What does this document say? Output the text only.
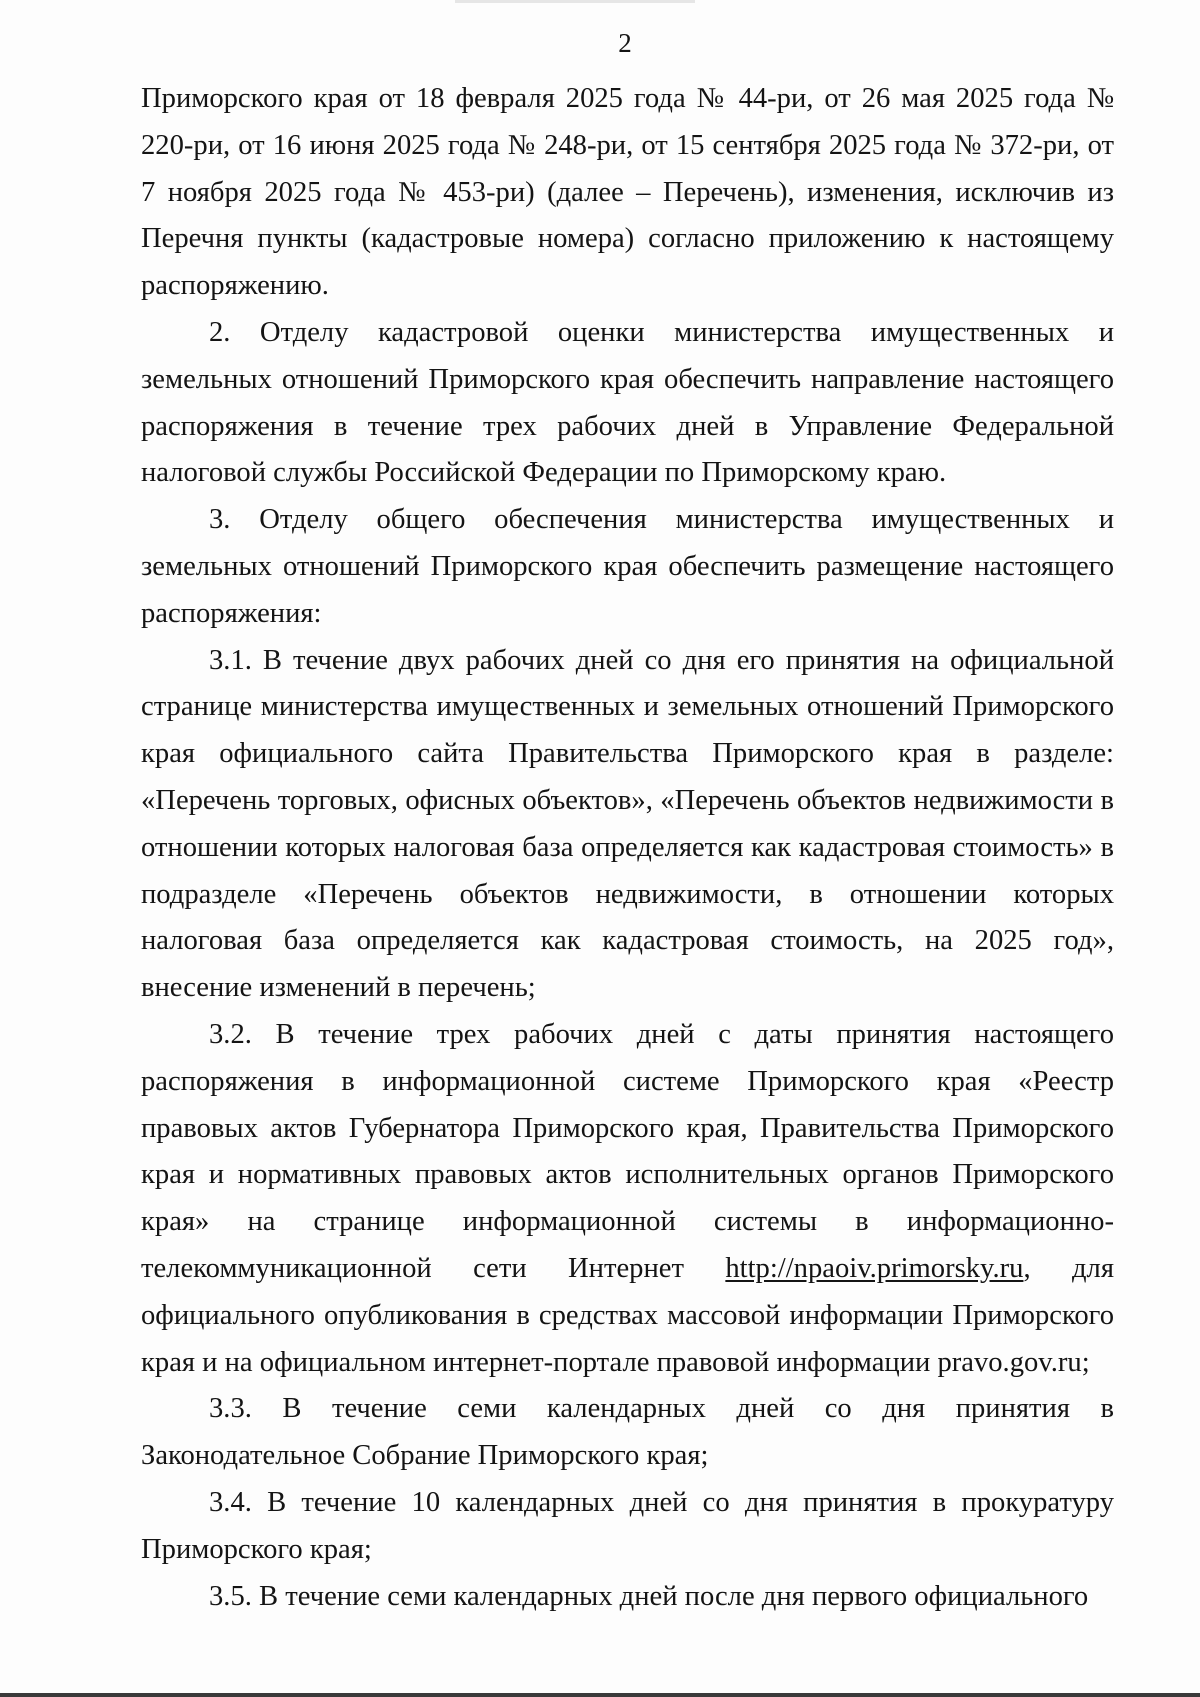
2

Приморского края от 18 февраля 2025 года № 44-ри, от 26 мая 2025 года № 220-ри, от 16 июня 2025 года № 248-ри, от 15 сентября 2025 года № 372-ри, от 7 ноября 2025 года № 453-ри) (далее – Перечень), изменения, исключив из Перечня пункты (кадастровые номера) согласно приложению к настоящему распоряжению.

2. Отделу кадастровой оценки министерства имущественных и земельных отношений Приморского края обеспечить направление настоящего распоряжения в течение трех рабочих дней в Управление Федеральной налоговой службы Российской Федерации по Приморскому краю.

3. Отделу общего обеспечения министерства имущественных и земельных отношений Приморского края обеспечить размещение настоящего распоряжения:

3.1. В течение двух рабочих дней со дня его принятия на официальной странице министерства имущественных и земельных отношений Приморского края официального сайта Правительства Приморского края в разделе: «Перечень торговых, офисных объектов», «Перечень объектов недвижимости в отношении которых налоговая база определяется как кадастровая стоимость» в подразделе «Перечень объектов недвижимости, в отношении которых налоговая база определяется как кадастровая стоимость, на 2025 год», внесение изменений в перечень;

3.2. В течение трех рабочих дней с даты принятия настоящего распоряжения в информационной системе Приморского края «Реестр правовых актов Губернатора Приморского края, Правительства Приморского края и нормативных правовых актов исполнительных органов Приморского края» на странице информационной системы в информационно-телекоммуникационной сети Интернет http://npaoiv.primorsky.ru, для официального опубликования в средствах массовой информации Приморского края и на официальном интернет-портале правовой информации pravo.gov.ru;

3.3. В течение семи календарных дней со дня принятия в Законодательное Собрание Приморского края;

3.4. В течение 10 календарных дней со дня принятия в прокуратуру Приморского края;

3.5. В течение семи календарных дней после дня первого официального
